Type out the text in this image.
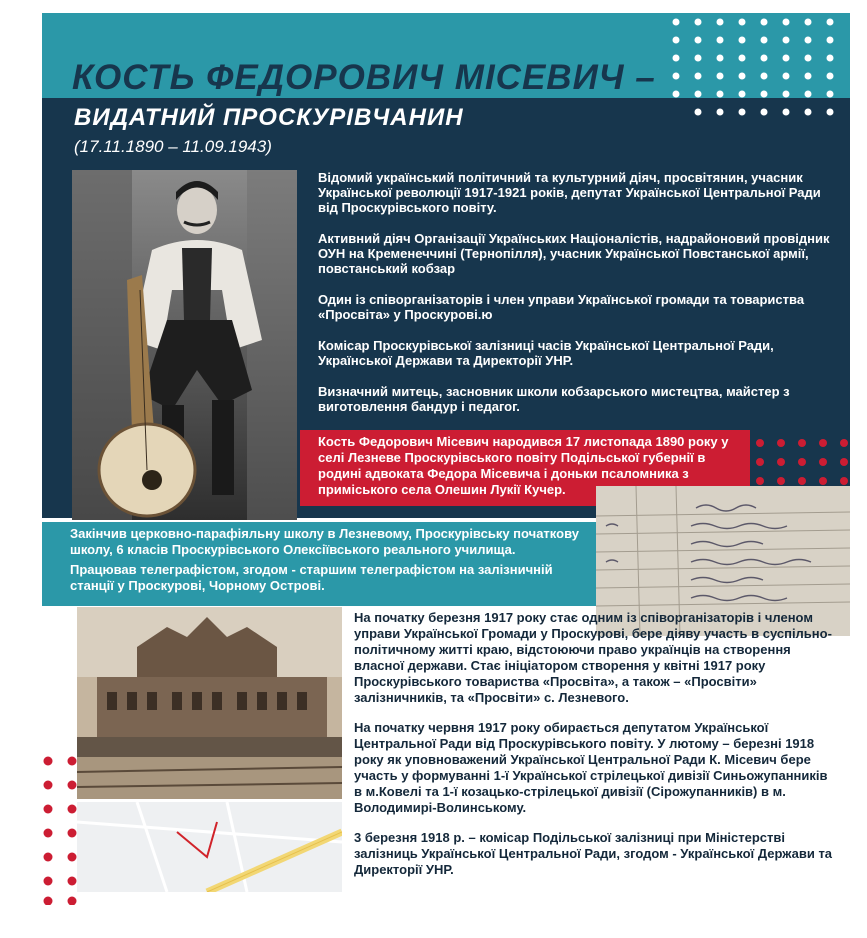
КОСТЬ ФЕДОРОВИЧ МІСЕВИЧ –
ВИДАТНИЙ ПРОСКУРІВЧАНИН
(17.11.1890 – 11.09.1943)

Відомий український політичний та культурний діяч, просвітянин, учасник Української революції 1917-1921 років, депутат Української Центральної Ради від Проскурівського повіту.

Активний діяч Організації Українських Націоналістів, надрайоновий провідник ОУН на Кременеччині (Тернопілля), учасник Української Повстанської армії, повстанський кобзар

Один із співорганізаторів і член управи Української громади та товариства «Просвіта» у Проскурові.ю

Комісар Проскурівської залізниці часів Української Центральної Ради, Української Держави та Директорії УНР.

Визначний митець, засновник школи кобзарського мистецтва, майстер з виготовлення бандур і педагог.

Кость Федорович Місевич народився 17 листопада 1890 року у селі Лезневе Проскурівського повіту Подільської губернії в родині адвоката Федора Місевича і доньки псаломника з приміського села Олешин Лукії Кучер.

Закінчив церковно-парафіяльну школу в Лезневому, Проскурівську початкову школу, 6 класів Проскурівського Олексіївського реального училища.

Працював телеграфістом, згодом - старшим телеграфістом на залізничній станції у Проскурові, Чорному Острові.

На початку березня 1917 року стає одним із співорганізаторів і членом управи Української Громади у Проскурові, бере діяву участь в суспільно-політичному житті краю, відстоюючи право українців на створення власної держави. Стає ініціатором створення у квітні 1917 року Проскурівського товариства «Просвіта», а також – «Просвіти» залізничників, та «Просвіти» с. Лезневого.

На початку червня 1917 року обирається депутатом Української Центральної Ради від Проскурівського повіту. У лютому – березні 1918 року як уповноважений Української Центральної Ради К. Місевич бере участь у формуванні 1-ї Української стрілецької дивізії Синьожупанників в м.Ковелі та 1-ї козацько-стрілецької дивізії (Сірожупанників) в м. Володимирі-Волинському.

3 березня 1918 р. – комісар Подільської залізниці при Міністерстві залізниць Української Центральної Ради, згодом - Української Держави та Директорії УНР.
